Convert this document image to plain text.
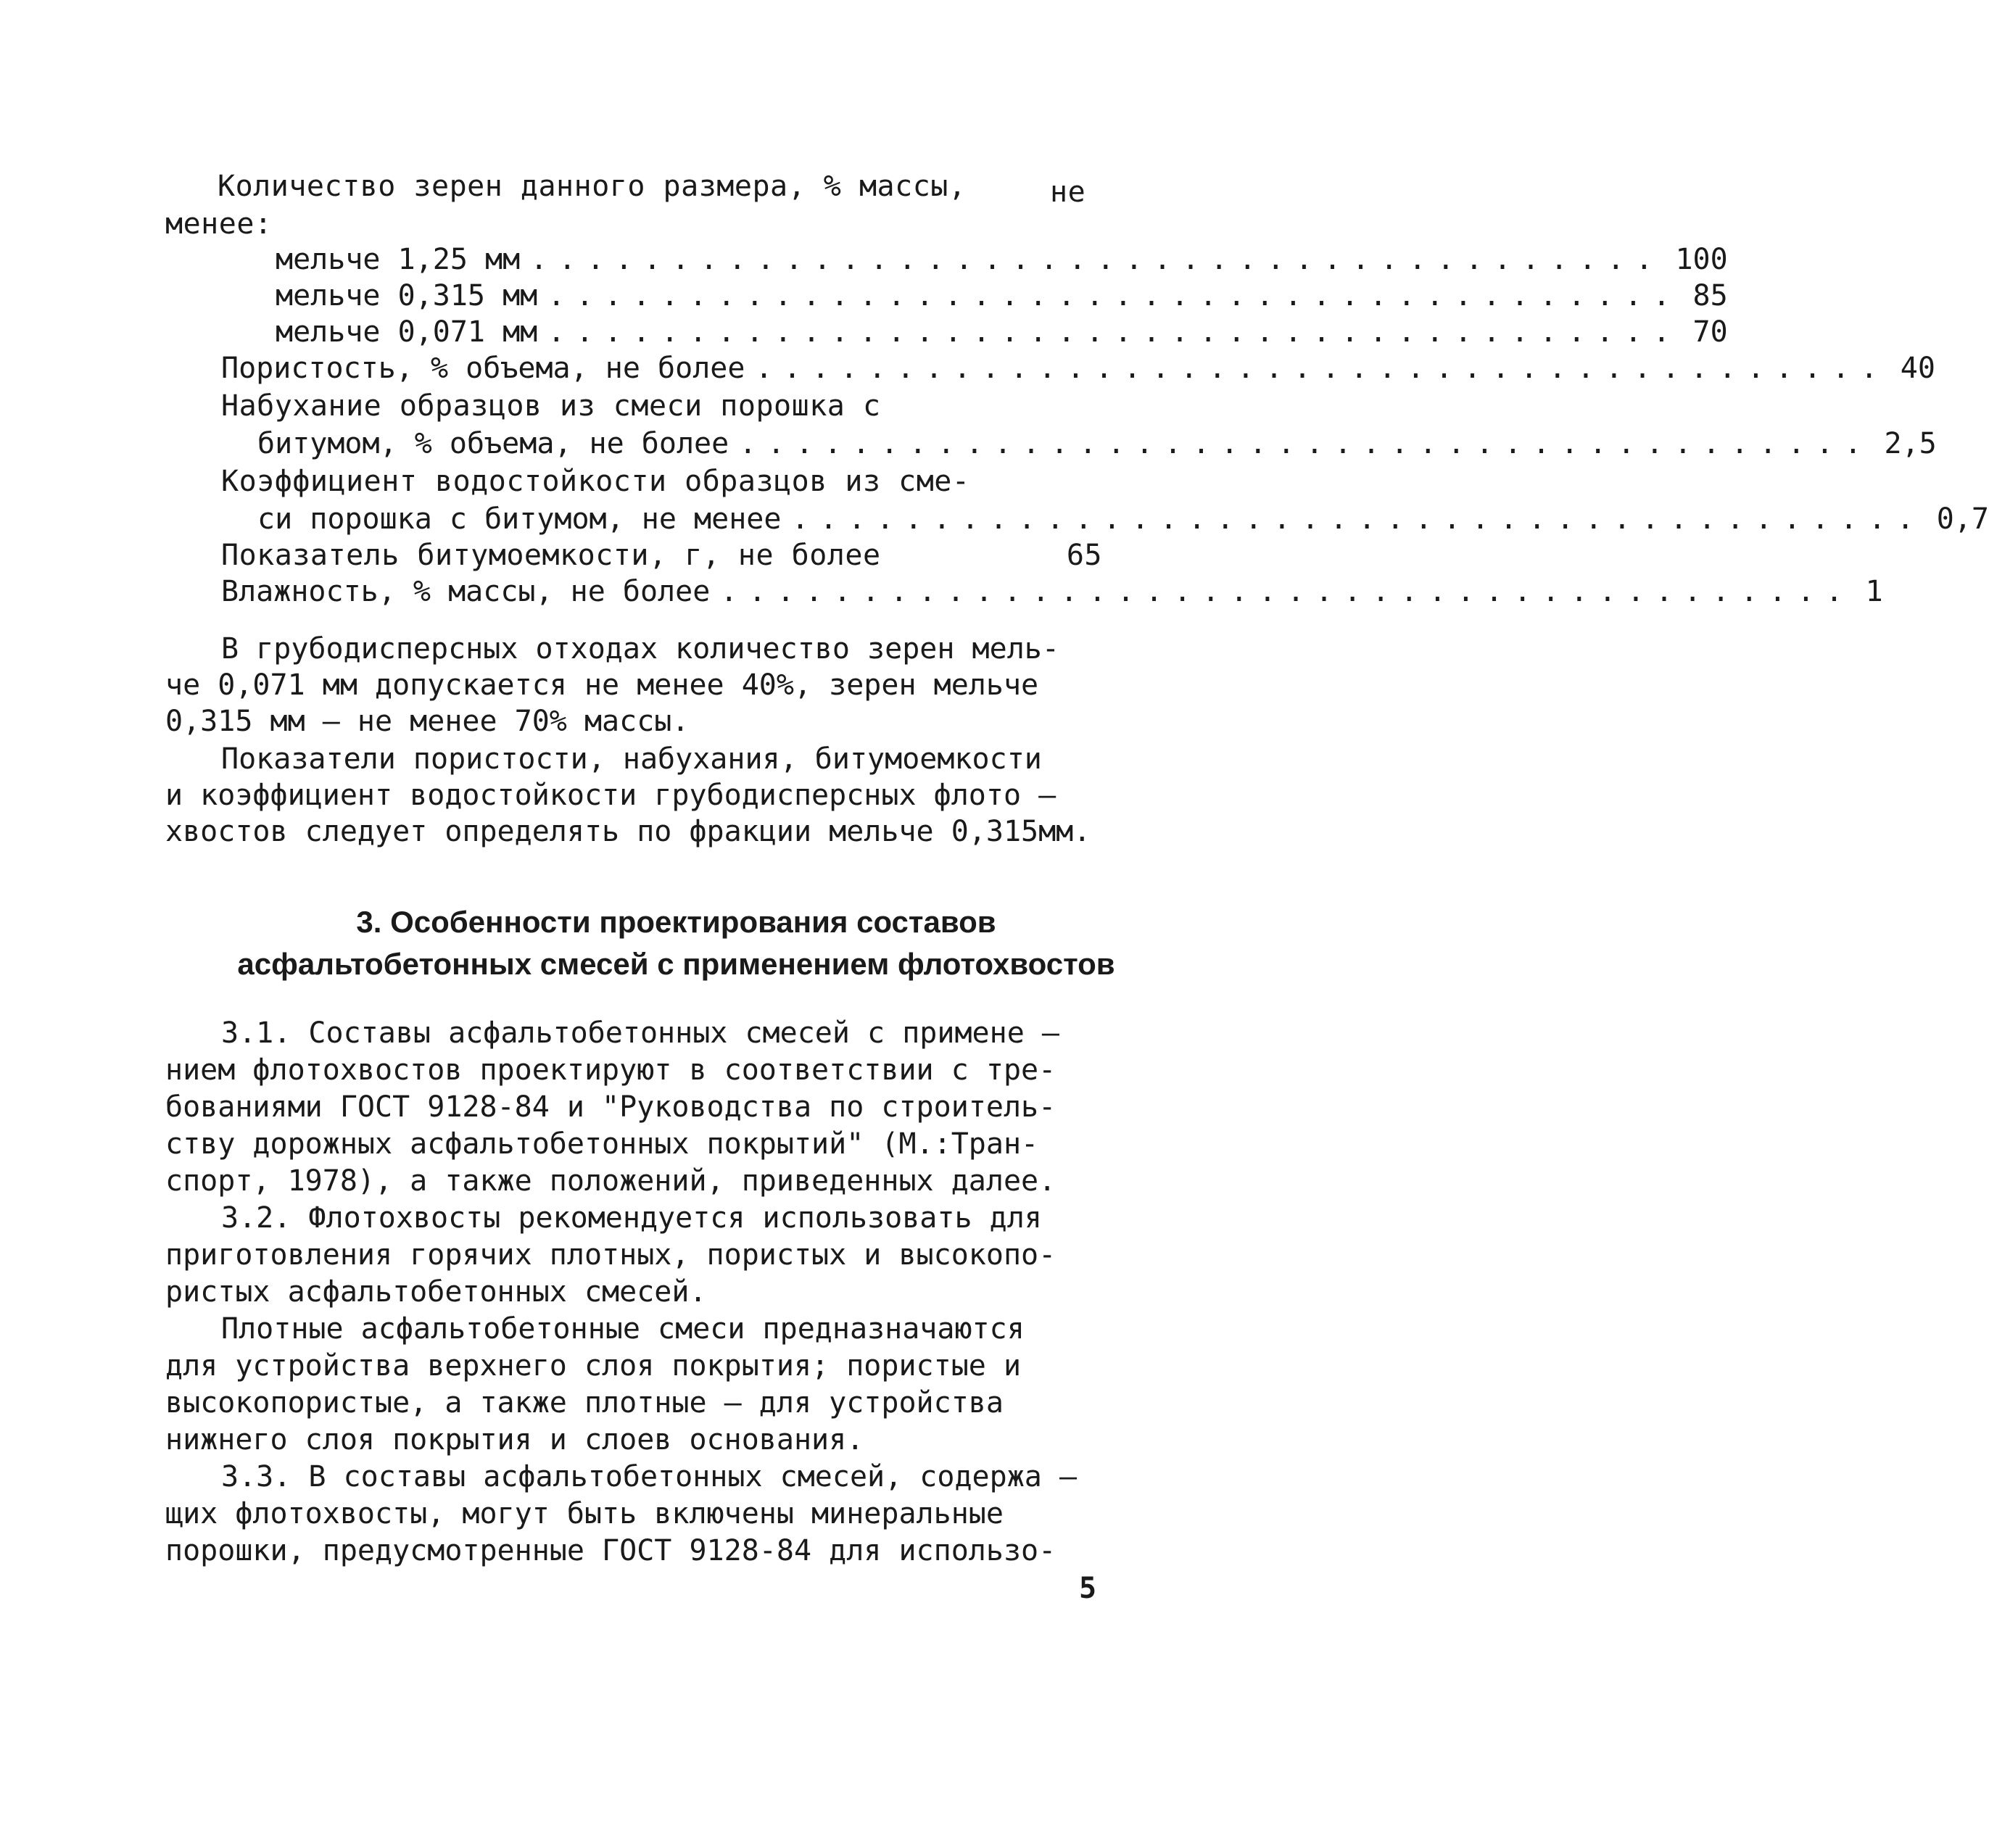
Количество зерен данного размера, % массы,	не
менее:
мельче 1,25 мм ........................................ 100
мельче 0,315 мм ........................................ 85
мельче 0,071 мм ........................................ 70
Пористость, % объема, не более ........................................ 40
Набухание образцов из смеси порошка с
битумом, % объема, не более ........................................ 2,5
Коэффициент водостойкости образцов из сме-
си порошка с битумом, не менее ........................................ 0,7
Показатель битумоемкости, г, не более	65
Влажность, % массы, не более ........................................ 1
В грубодисперсных отходах количество зерен мель-
че 0,071 мм допускается не менее 40%, зерен мельче
0,315 мм – не менее 70% массы.
Показатели пористости, набухания, битумоемкости
и коэффициент водостойкости грубодисперсных флото –
хвостов следует определять по фракции мельче 0,315мм.
3. Особенности проектирования составов
асфальтобетонных смесей с применением флотохвостов
3.1. Составы асфальтобетонных смесей с примене –
нием флотохвостов проектируют в соответствии с тре-
бованиями ГОСТ 9128-84 и "Руководства по строитель-
ству дорожных асфальтобетонных покрытий" (М.:Тран-
спорт, 1978), а также положений, приведенных далее.
3.2. Флотохвосты рекомендуется использовать для
приготовления горячих плотных, пористых и высокопо-
ристых асфальтобетонных смесей.
Плотные асфальтобетонные смеси предназначаются
для устройства верхнего слоя покрытия; пористые и
высокопористые, а также плотные – для устройства
нижнего слоя покрытия и слоев основания.
3.3. В составы асфальтобетонных смесей, содержа –
щих флотохвосты, могут быть включены минеральные
порошки, предусмотренные ГОСТ 9128-84 для использо-
5
